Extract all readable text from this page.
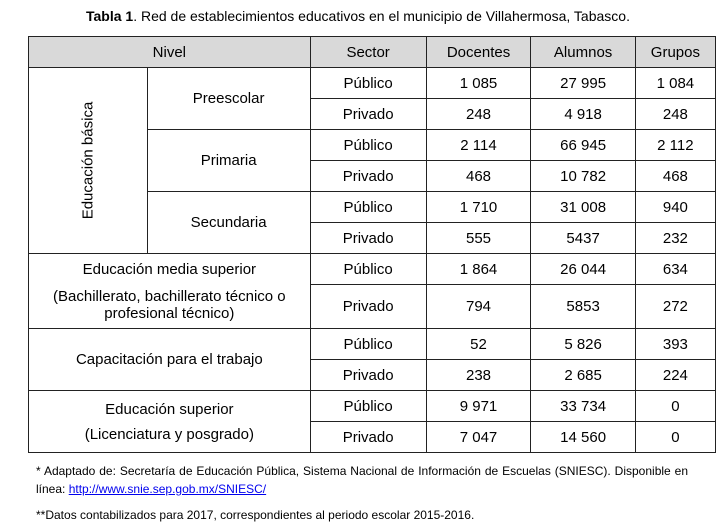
Tabla 1. Red de establecimientos educativos en el municipio de Villahermosa, Tabasco.
Nivel		Sector	Docentes	Alumnos	Grupos
Educación básica	Preescolar	Público	1 085	27 995	1 084
		Privado	248	4 918	248
	Primaria	Público	2 114	66 945	2 112
		Privado	468	10 782	468
	Secundaria	Público	1 710	31 008	940
		Privado	555	5437	232

Educación media superior
(Bachillerato, bachillerato técnico o profesional técnico)		Público	1 864	26 044	634
		Privado	794	5853	272
Capacitación para el trabajo		Público	52	5 826	393
		Privado	238	2 685	224

Educación superior
(Licenciatura y posgrado)		Público	9 971	33 734	0
		Privado	7 047	14 560	0
* Adaptado de: Secretaría de Educación Pública, Sistema Nacional de Información de Escuelas (SNIESC). Disponible en línea: http://www.snie.sep.gob.mx/SNIESC/
**Datos contabilizados para 2017, correspondientes al periodo escolar 2015-2016.
